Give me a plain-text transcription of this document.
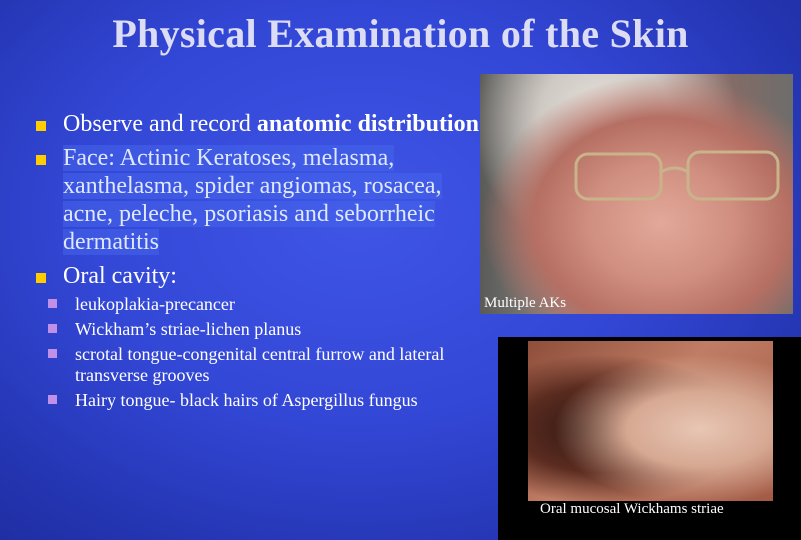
Physical Examination of the Skin
Observe and record anatomic distribution
Face: Actinic Keratoses, melasma, xanthelasma, spider angiomas, rosacea, acne, peleche, psoriasis and seborrheic dermatitis
Oral cavity:
leukoplakia-precancer
Wickham’s striae-lichen planus
scrotal tongue-congenital central furrow and lateral transverse grooves
Hairy tongue- black hairs of Aspergillus fungus
Multiple AKs
Oral mucosal Wickhams striae
